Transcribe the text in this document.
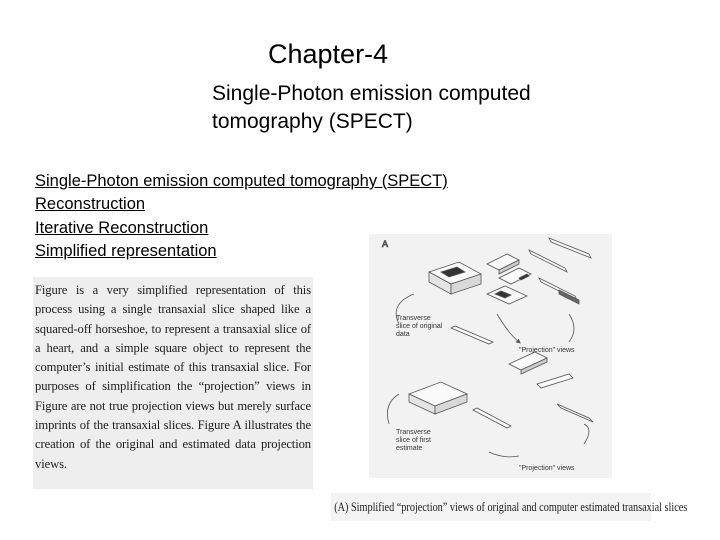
Chapter-4
Single-Photon emission computed tomography (SPECT)
Single-Photon emission computed tomography (SPECT)
Reconstruction
Iterative Reconstruction
Simplified representation

Figure is a very simplified representation of this process using a single transaxial slice shaped like a squared-off horseshoe, to represent a transaxial slice of a heart, and a simple square object to represent the computer’s initial estimate of this transaxial slice. For purposes of simplification the “projection” views in Figure are not true projection views but merely surface imprints of the transaxial slices. Figure A illustrates the creation of the original and estimated data projection views.

A
Transverse
slice of original
data
"Projection" views
Transverse
slice of first
estimate
"Projection" views
(A) Simplified “projection” views of original and computer estimated transaxial slices
